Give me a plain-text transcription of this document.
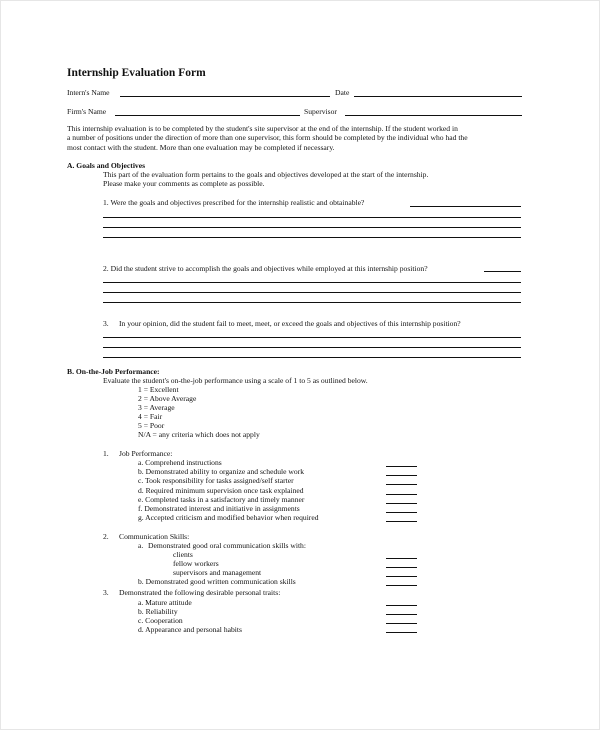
Internship Evaluation Form
Intern's Name	Date
Firm's Name	Supervisor
This internship evaluation is to be completed by the student's site supervisor at the end of the internship. If the student worked in
a number of positions under the direction of more than one supervisor, this form should be completed by the individual who had the
most contact with the student. More than one evaluation may be completed if necessary.
A. Goals and Objectives
This part of the evaluation form pertains to the goals and objectives developed at the start of the internship.
Please make your comments as complete as possible.
1. Were the goals and objectives prescribed for the internship realistic and obtainable?
2. Did the student strive to accomplish the goals and objectives while employed at this internship position?
3. In your opinion, did the student fail to meet, meet, or exceed the goals and objectives of this internship position?
B. On-the-Job Performance:
Evaluate the student's on-the-job performance using a scale of 1 to 5 as outlined below.
1 = Excellent
2 = Above Average
3 = Average
4 = Fair
5 = Poor
N/A = any criteria which does not apply
1. Job Performance:
a. Comprehend instructions
b. Demonstrated ability to organize and schedule work
c. Took responsibility for tasks assigned/self starter
d. Required minimum supervision once task explained
e. Completed tasks in a satisfactory and timely manner
f. Demonstrated interest and initiative in assignments
g. Accepted criticism and modified behavior when required
2. Communication Skills:
a. Demonstrated good oral communication skills with:
clients
fellow workers
supervisors and management
b. Demonstrated good written communication skills
3. Demonstrated the following desirable personal traits:
a. Mature attitude
b. Reliability
c. Cooperation
d. Appearance and personal habits
